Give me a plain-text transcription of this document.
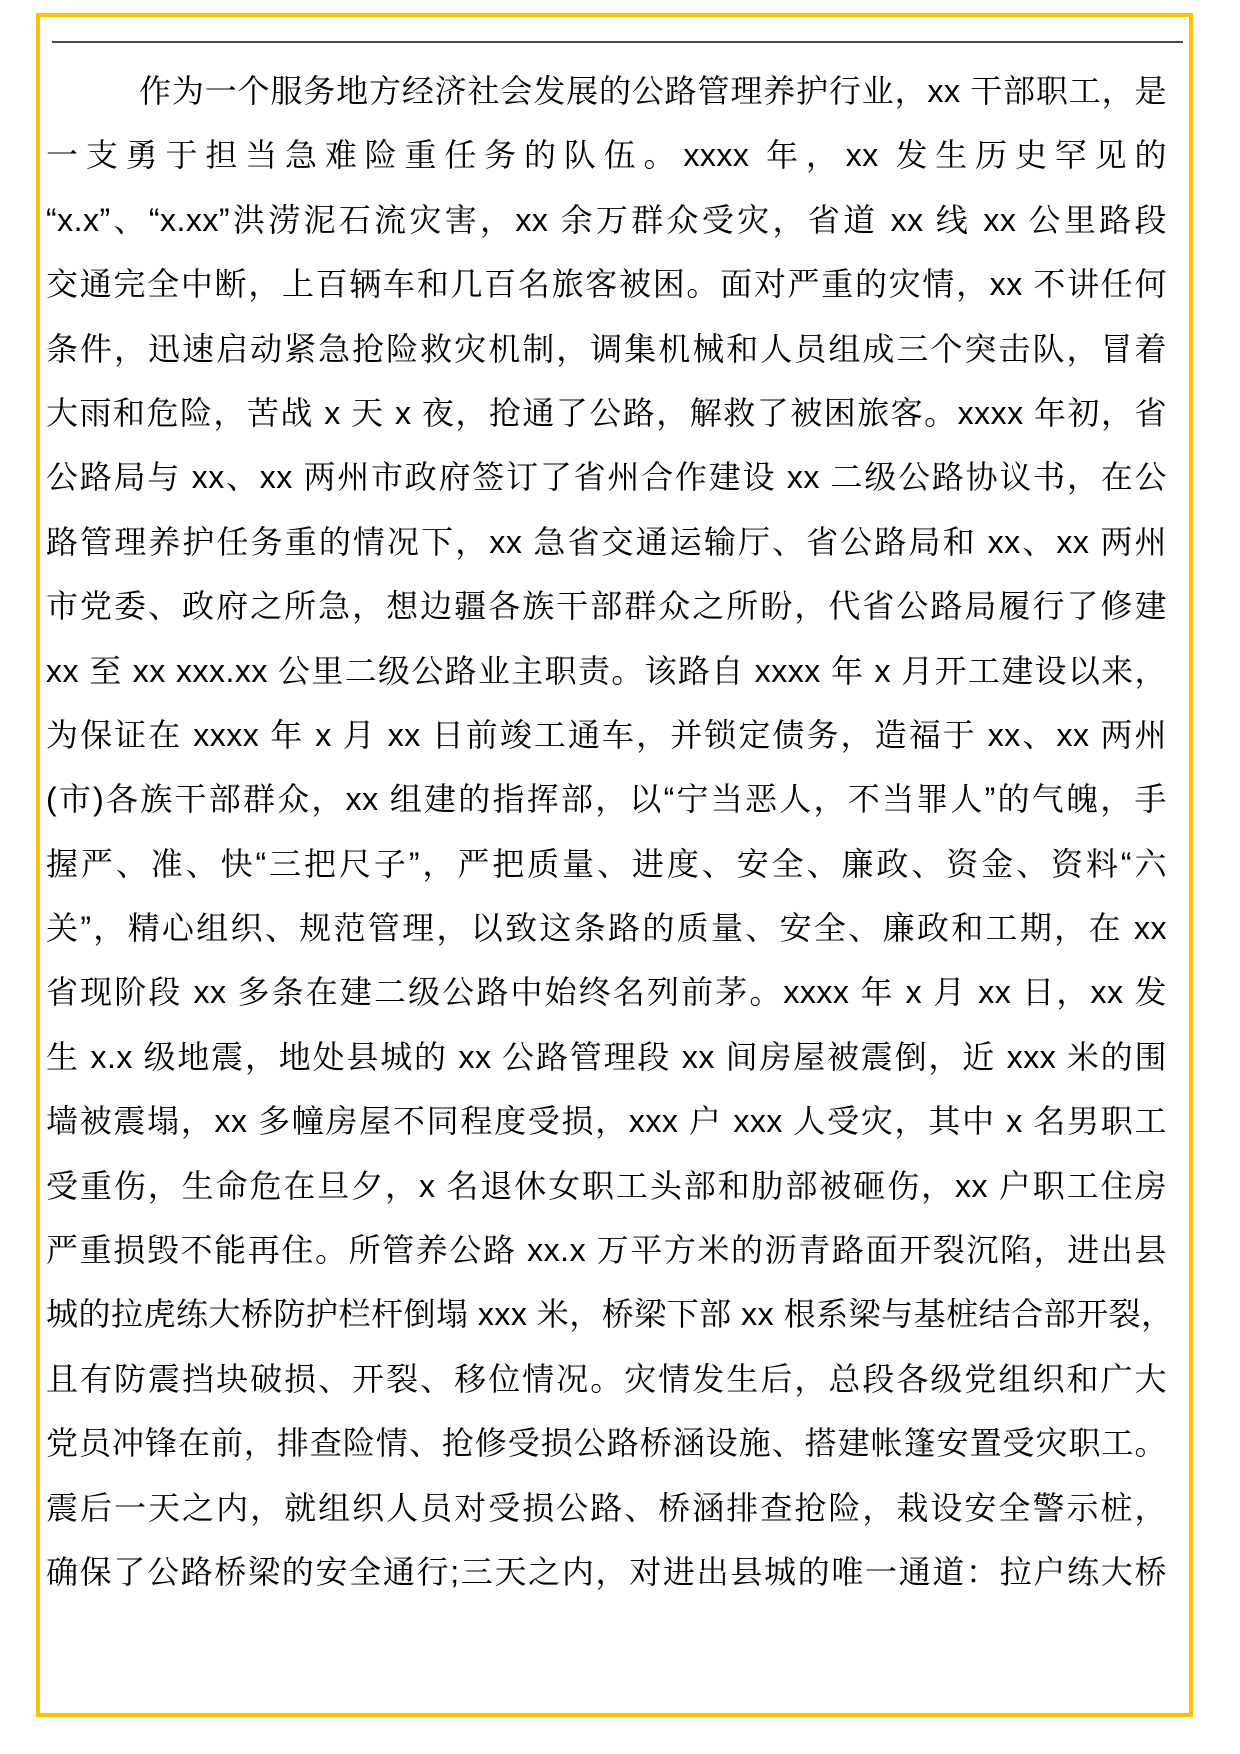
作为一个服务地方经济社会发展的公路管理养护行业，xx 干部职工，是
一支勇于担当急难险重任务的队伍。xxxx 年，xx 发生历史罕见的
“x.x”、“x.xx”洪涝泥石流灾害，xx 余万群众受灾，省道 xx 线 xx 公里路段
交通完全中断，上百辆车和几百名旅客被困。面对严重的灾情，xx 不讲任何
条件，迅速启动紧急抢险救灾机制，调集机械和人员组成三个突击队，冒着
大雨和危险，苦战 x 天 x 夜，抢通了公路，解救了被困旅客。xxxx 年初，省
公路局与 xx、xx 两州市政府签订了省州合作建设 xx 二级公路协议书，在公
路管理养护任务重的情况下，xx 急省交通运输厅、省公路局和 xx、xx 两州
市党委、政府之所急，想边疆各族干部群众之所盼，代省公路局履行了修建
xx 至 xx xxx.xx 公里二级公路业主职责。该路自 xxxx 年 x 月开工建设以来，
为保证在 xxxx 年 x 月 xx 日前竣工通车，并锁定债务，造福于 xx、xx 两州
(市)各族干部群众，xx 组建的指挥部，以“宁当恶人，不当罪人”的气魄，手
握严、准、快“三把尺子”，严把质量、进度、安全、廉政、资金、资料“六
关”，精心组织、规范管理，以致这条路的质量、安全、廉政和工期，在 xx
省现阶段 xx 多条在建二级公路中始终名列前茅。xxxx 年 x 月 xx 日，xx 发
生 x.x 级地震，地处县城的 xx 公路管理段 xx 间房屋被震倒，近 xxx 米的围
墙被震塌，xx 多幢房屋不同程度受损，xxx 户 xxx 人受灾，其中 x 名男职工
受重伤，生命危在旦夕，x 名退休女职工头部和肋部被砸伤，xx 户职工住房
严重损毁不能再住。所管养公路 xx.x 万平方米的沥青路面开裂沉陷，进出县
城的拉虎练大桥防护栏杆倒塌 xxx 米，桥梁下部 xx 根系梁与基桩结合部开裂，
且有防震挡块破损、开裂、移位情况。灾情发生后，总段各级党组织和广大
党员冲锋在前，排查险情、抢修受损公路桥涵设施、搭建帐篷安置受灾职工。
震后一天之内，就组织人员对受损公路、桥涵排查抢险，栽设安全警示桩，
确保了公路桥梁的安全通行;三天之内，对进出县城的唯一通道：拉户练大桥
